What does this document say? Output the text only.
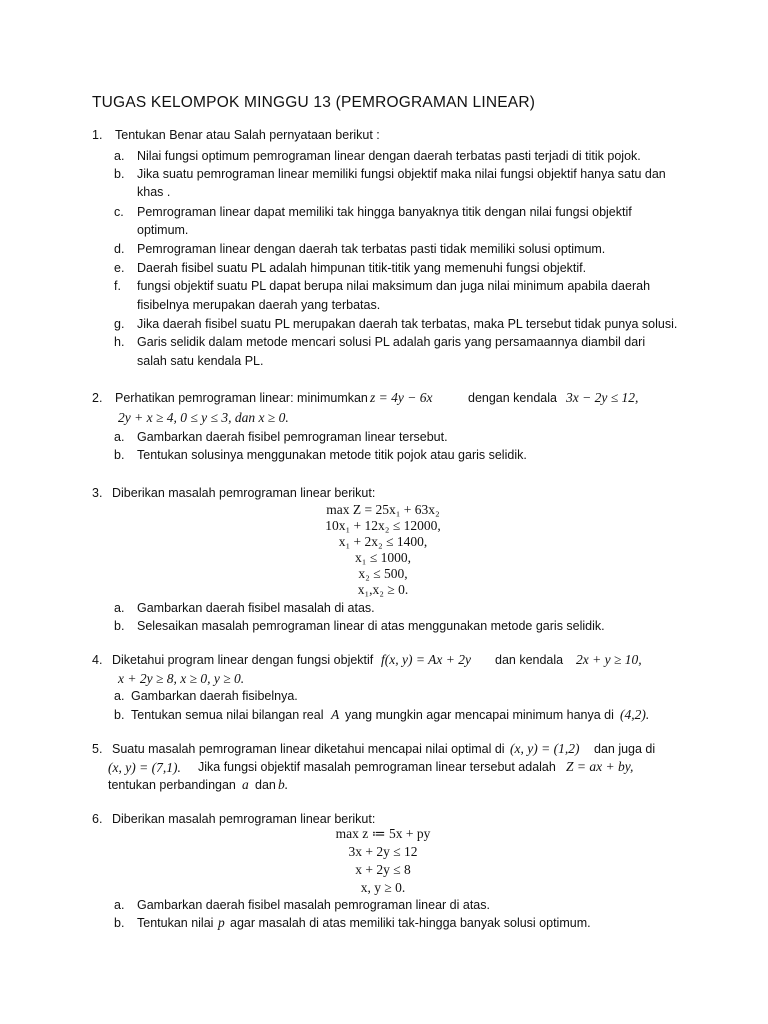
TUGAS KELOMPOK MINGGU 13 (PEMROGRAMAN LINEAR)
1. Tentukan Benar atau Salah pernyataan berikut :
a. Nilai fungsi optimum pemrograman linear dengan daerah terbatas pasti terjadi di titik pojok.
b. Jika suatu pemrograman linear memiliki fungsi objektif maka nilai fungsi objektif hanya satu dan
khas .
c. Pemrograman linear dapat memiliki tak hingga banyaknya titik dengan nilai fungsi objektif
optimum.
d. Pemrograman linear dengan daerah tak terbatas pasti tidak memiliki solusi optimum.
e. Daerah fisibel suatu PL adalah himpunan titik-titik yang memenuhi fungsi objektif.
f. fungsi objektif suatu PL dapat berupa nilai maksimum dan juga nilai minimum apabila daerah
fisibelnya merupakan daerah yang terbatas.
g. Jika daerah fisibel suatu PL merupakan daerah tak terbatas, maka PL tersebut tidak punya solusi.
h. Garis selidik dalam metode mencari solusi PL adalah garis yang persamaannya diambil dari
salah satu kendala PL.
2. Perhatikan pemrograman linear: minimumkan z = 4y − 6x	dengan kendala 3x − 2y ≤ 12,
2y + x ≥ 4, 0 ≤ y ≤ 3, dan x ≥ 0.
a. Gambarkan daerah fisibel pemrograman linear tersebut.
b. Tentukan solusinya menggunakan metode titik pojok atau garis selidik.
3. Diberikan masalah pemrograman linear berikut:
max Z = 25x₁ + 63x₂
10x₁ + 12x₂ ≤ 12000,
x₁ + 2x₂ ≤ 1400,
x₁ ≤ 1000,
x₂ ≤ 500,
x₁,x₂ ≥ 0.
a. Gambarkan daerah fisibel masalah di atas.
b. Selesaikan masalah pemrograman linear di atas menggunakan metode garis selidik.
4. Diketahui program linear dengan fungsi objektif f(x, y) = Ax + 2y dan kendala 2x + y ≥ 10,
x + 2y ≥ 8, x ≥ 0, y ≥ 0.
a. Gambarkan daerah fisibelnya.
b. Tentukan semua nilai bilangan real A yang mungkin agar mencapai minimum hanya di (4,2).
5. Suatu masalah pemrograman linear diketahui mencapai nilai optimal di (x, y) = (1,2) dan juga di
(x, y) = (7,1). Jika fungsi objektif masalah pemrograman linear tersebut adalah Z = ax + by,
tentukan perbandingan a dan b.
6. Diberikan masalah pemrograman linear berikut:
max z ≔ 5x + py
3x + 2y ≤ 12
x + 2y ≤ 8
x, y ≥ 0.
a. Gambarkan daerah fisibel masalah pemrograman linear di atas.
b. Tentukan nilai p agar masalah di atas memiliki tak-hingga banyak solusi optimum.
